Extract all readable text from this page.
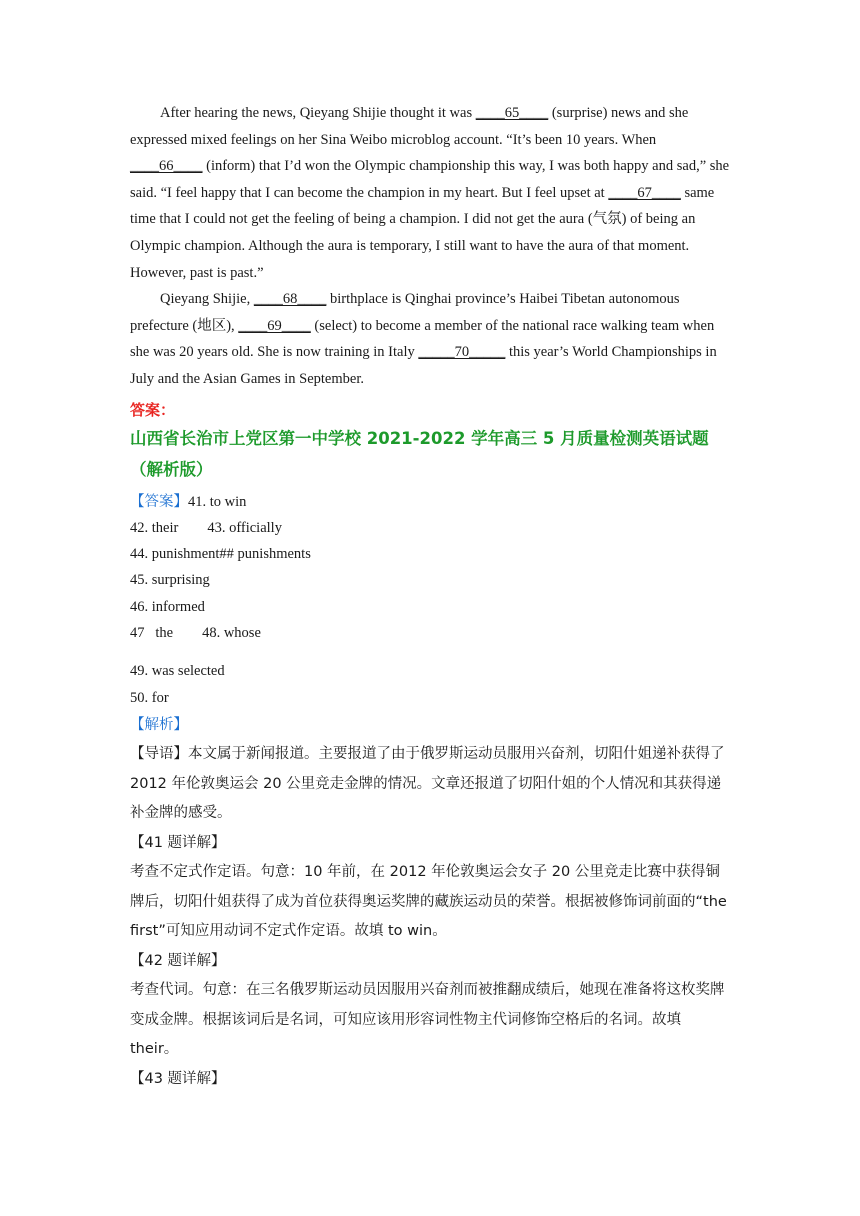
After hearing the news, Qieyang Shijie thought it was ____65____ (surprise) news and she expressed mixed feelings on her Sina Weibo microblog account. “It’s been 10 years. When ____66____ (inform) that I’d won the Olympic championship this way, I was both happy and sad,” she said. “I feel happy that I can become the champion in my heart. But I feel upset at ____67____ same time that I could not get the feeling of being a champion. I did not get the aura (气氛) of being an Olympic champion. Although the aura is temporary, I still want to have the aura of that moment. However, past is past.”

Qieyang Shijie, ____68____ birthplace is Qinghai province’s Haibei Tibetan autonomous prefecture (地区), ____69____ (select) to become a member of the national race walking team when she was 20 years old. She is now training in Italy _____70_____ this year’s World Championships in July and the Asian Games in September.

答案：
山西省长治市上党区第一中学校 2021-2022 学年高三 5 月质量检测英语试题（解析版）

【答案】41. to win

42. their        43. officially

44. punishment## punishments

45. surprising

46. informed

47   the        48. whose

49. was selected

50. for

【解析】

【导语】本文属于新闻报道。主要报道了由于俄罗斯运动员服用兴奋剂，切阳什姐递补获得了 2012 年伦敦奥运会 20 公里竞走金牌的情况。文章还报道了切阳什姐的个人情况和其获得递补金牌的感受。

【41 题详解】

考查不定式作定语。句意：10 年前，在 2012 年伦敦奥运会女子 20 公里竞走比赛中获得铜牌后，切阳什姐获得了成为首位获得奥运奖牌的藏族运动员的荣誉。根据被修饰词前面的“the first”可知应用动词不定式作定语。故填 to win。

【42 题详解】

考查代词。句意：在三名俄罗斯运动员因服用兴奋剂而被推翻成绩后，她现在准备将这枚奖牌变成金牌。根据该词后是名词，可知应该用形容词性物主代词修饰空格后的名词。故填 their。

【43 题详解】
